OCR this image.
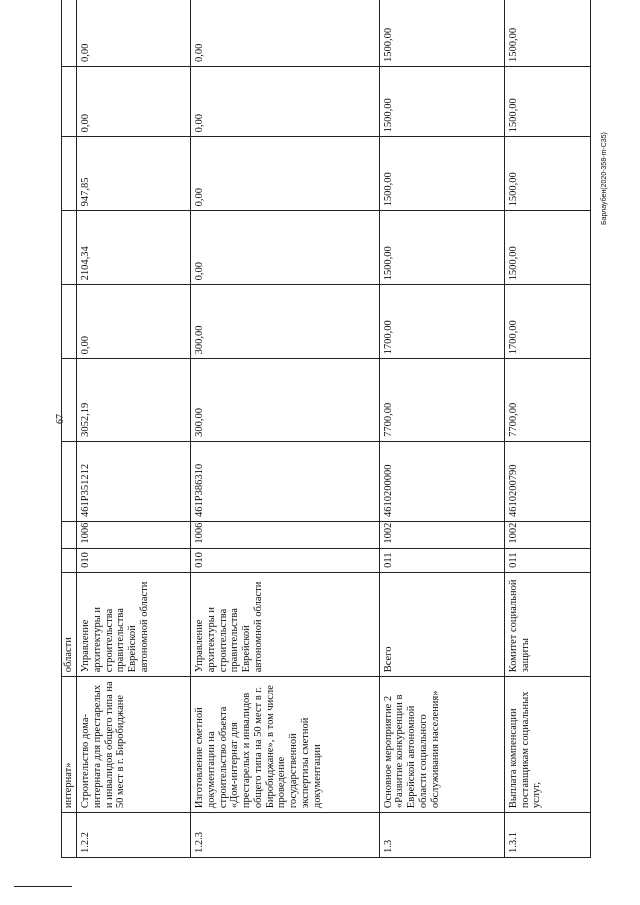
67
Барлаубен(2020-358-m-С35)
	интернат»	области									
1.2.2	Строительство дома-интерната для престарелых и инвалидов общего типа на 50 мест в г. Биробиджане	Управление архитектуры и строительства правительства Еврейской автономной области	010	1006	461Р351212	3052,19	0,00	2104,34	947,85	0,00	0,00
1.2.3	Изготовление сметной документации на строительство объекта «Дом-интернат для престарелых и инвалидов общего типа на 50 мест в г. Биробиджане», в том числе проведение государственной экспертизы сметной документации	Управление архитектуры и строительства правительства Еврейской автономной области	010	1006	461Р386310	300,00	300,00	0,00	0,00	0,00	0,00
1.3	Основное мероприятие 2 «Развитие конкуренции в Еврейской автономной области социального обслуживания населения»	Всего	011	1002	4610200000	7700,00	1700,00	1500,00	1500,00	1500,00	1500,00
1.3.1	Выплата компенсации поставщикам социальных услуг,	Комитет социальной защиты	011	1002	4610200790	7700,00	1700,00	1500,00	1500,00	1500,00	1500,00
